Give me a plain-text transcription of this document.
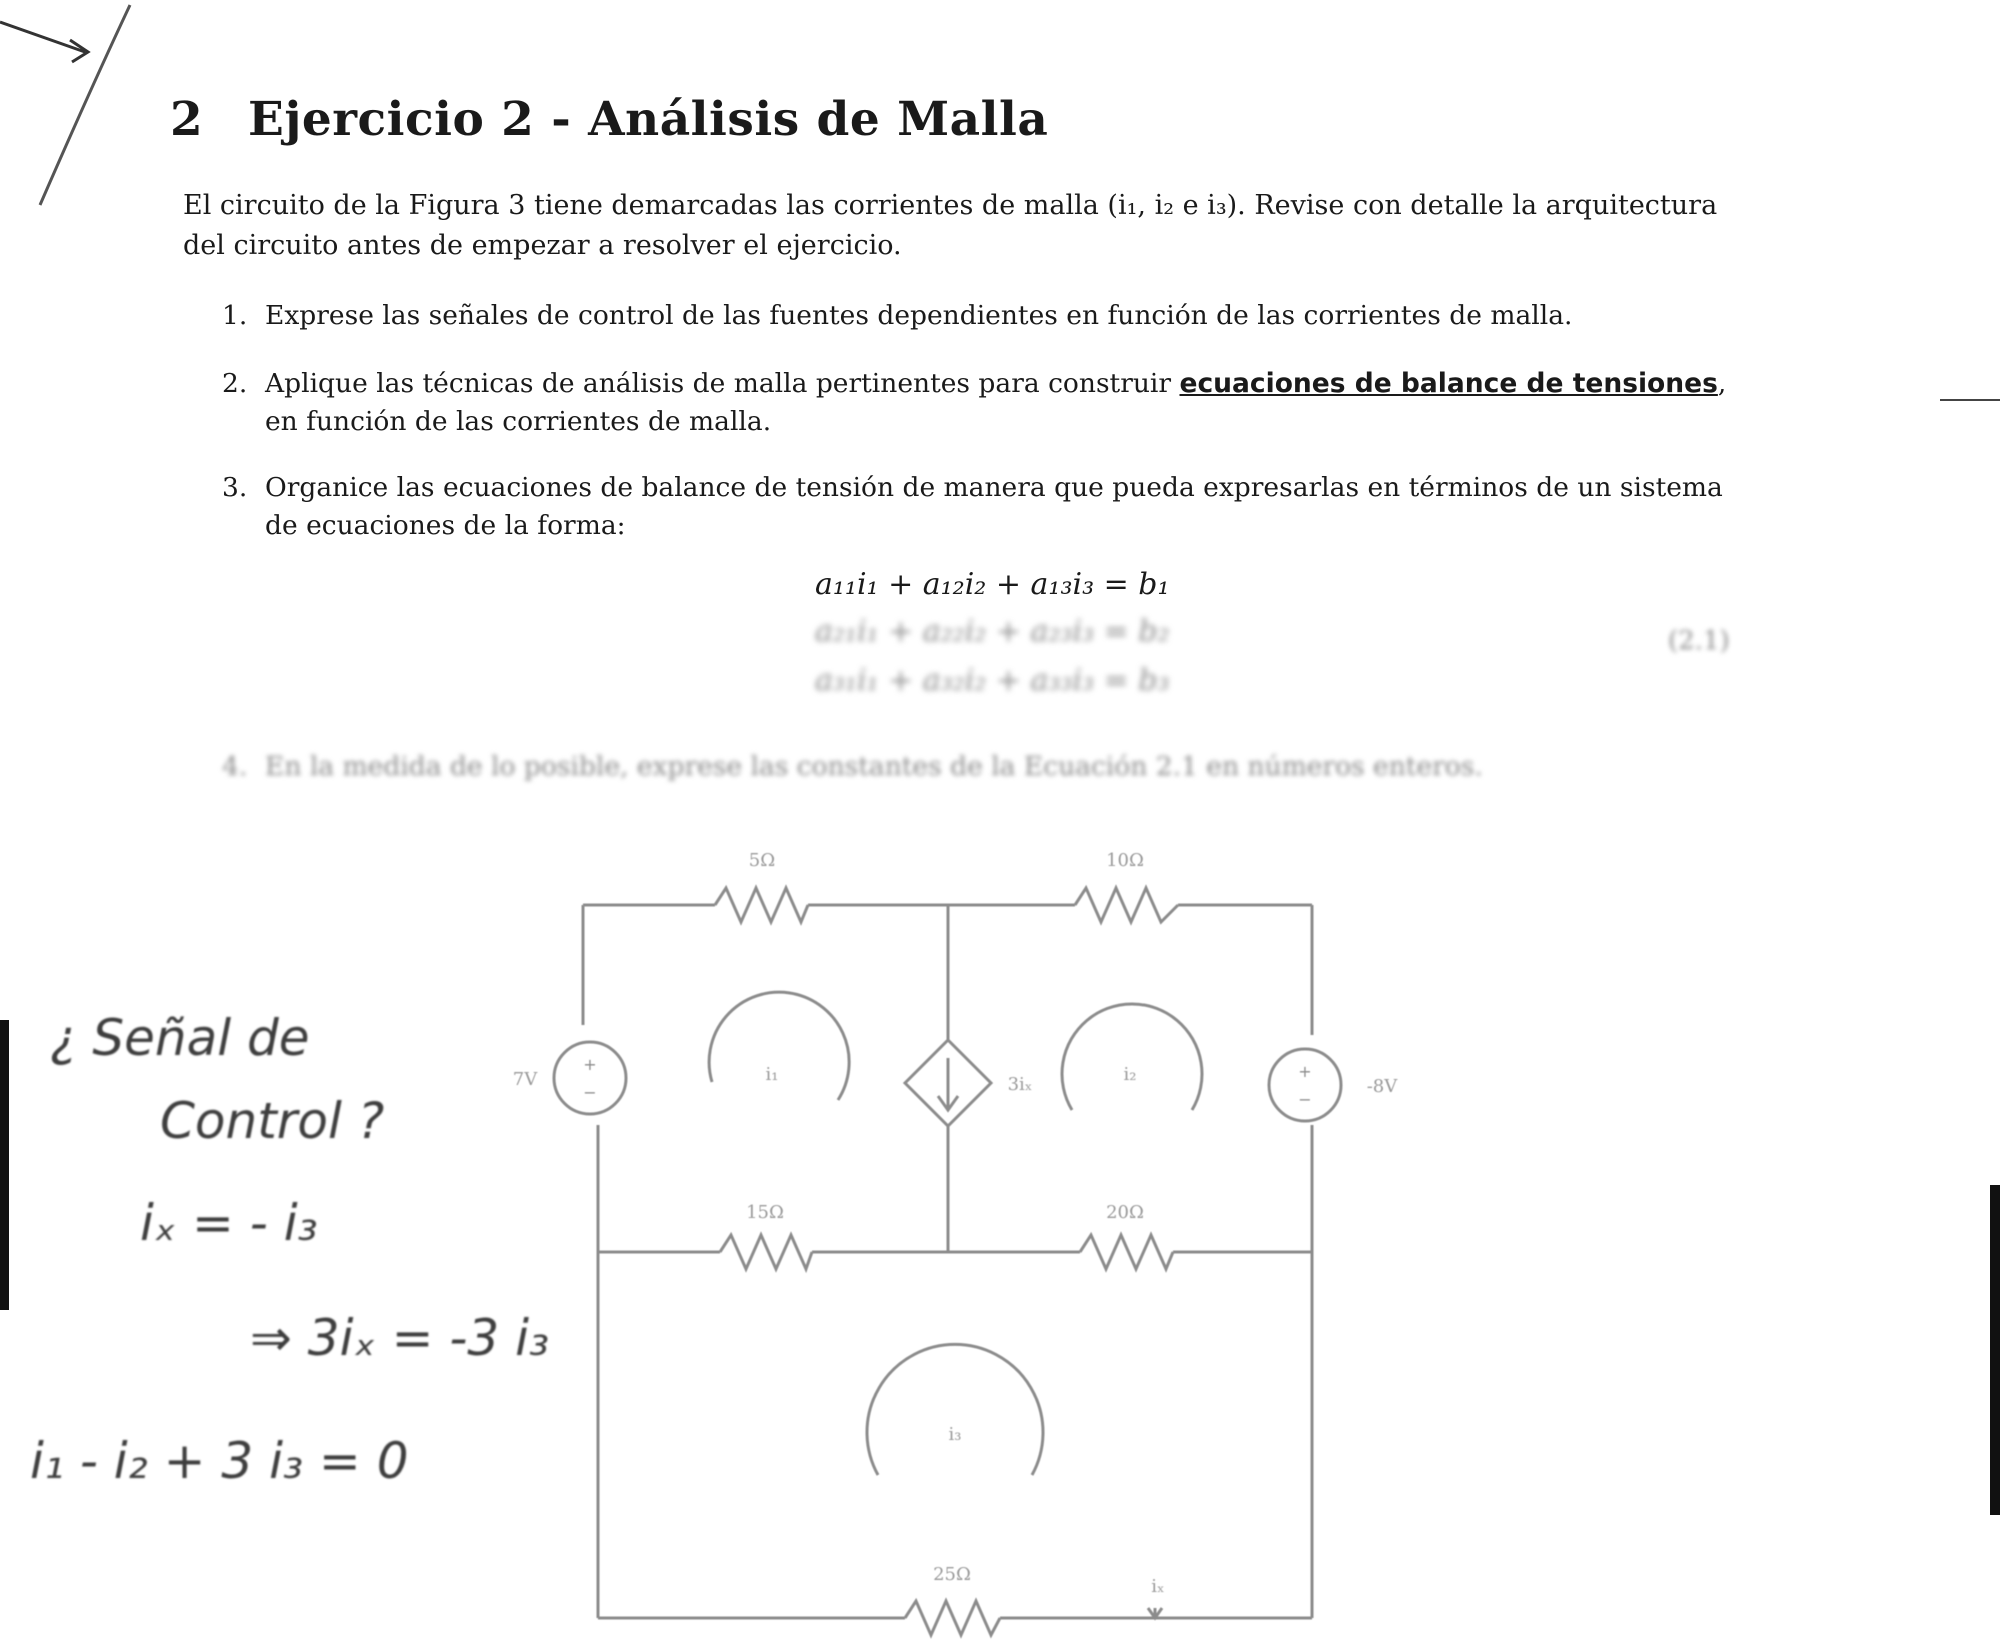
2 Ejercicio 2 - Análisis de Malla
El circuito de la Figura 3 tiene demarcadas las corrientes de malla (i₁, i₂ e i₃). Revise con detalle la arquitectura
del circuito antes de empezar a resolver el ejercicio.
1. Exprese las señales de control de las fuentes dependientes en función de las corrientes de malla.
2. Aplique las técnicas de análisis de malla pertinentes para construir ecuaciones de balance de tensiones,
en función de las corrientes de malla.
3. Organice las ecuaciones de balance de tensión de manera que pueda expresarlas en términos de un sistema
de ecuaciones de la forma:
a₁₁i₁ + a₁₂i₂ + a₁₃i₃ = b₁
a₂₁i₁ + a₂₂i₂ + a₂₃i₃ = b₂
a₃₁i₁ + a₃₂i₂ + a₃₃i₃ = b₃
(2.1)
4. En la medida de lo posible, exprese las constantes de la Ecuación 2.1 en números enteros.
+
−
+
−
5Ω	10Ω
15Ω	20Ω
25Ω
7V	-8V
3iₓ
i₁	i₂
i₃
iₓ
¿ Señal de
Control ?
iₓ = - i₃
⇒ 3iₓ = -3 i₃
i₁ - i₂ + 3 i₃ = 0
